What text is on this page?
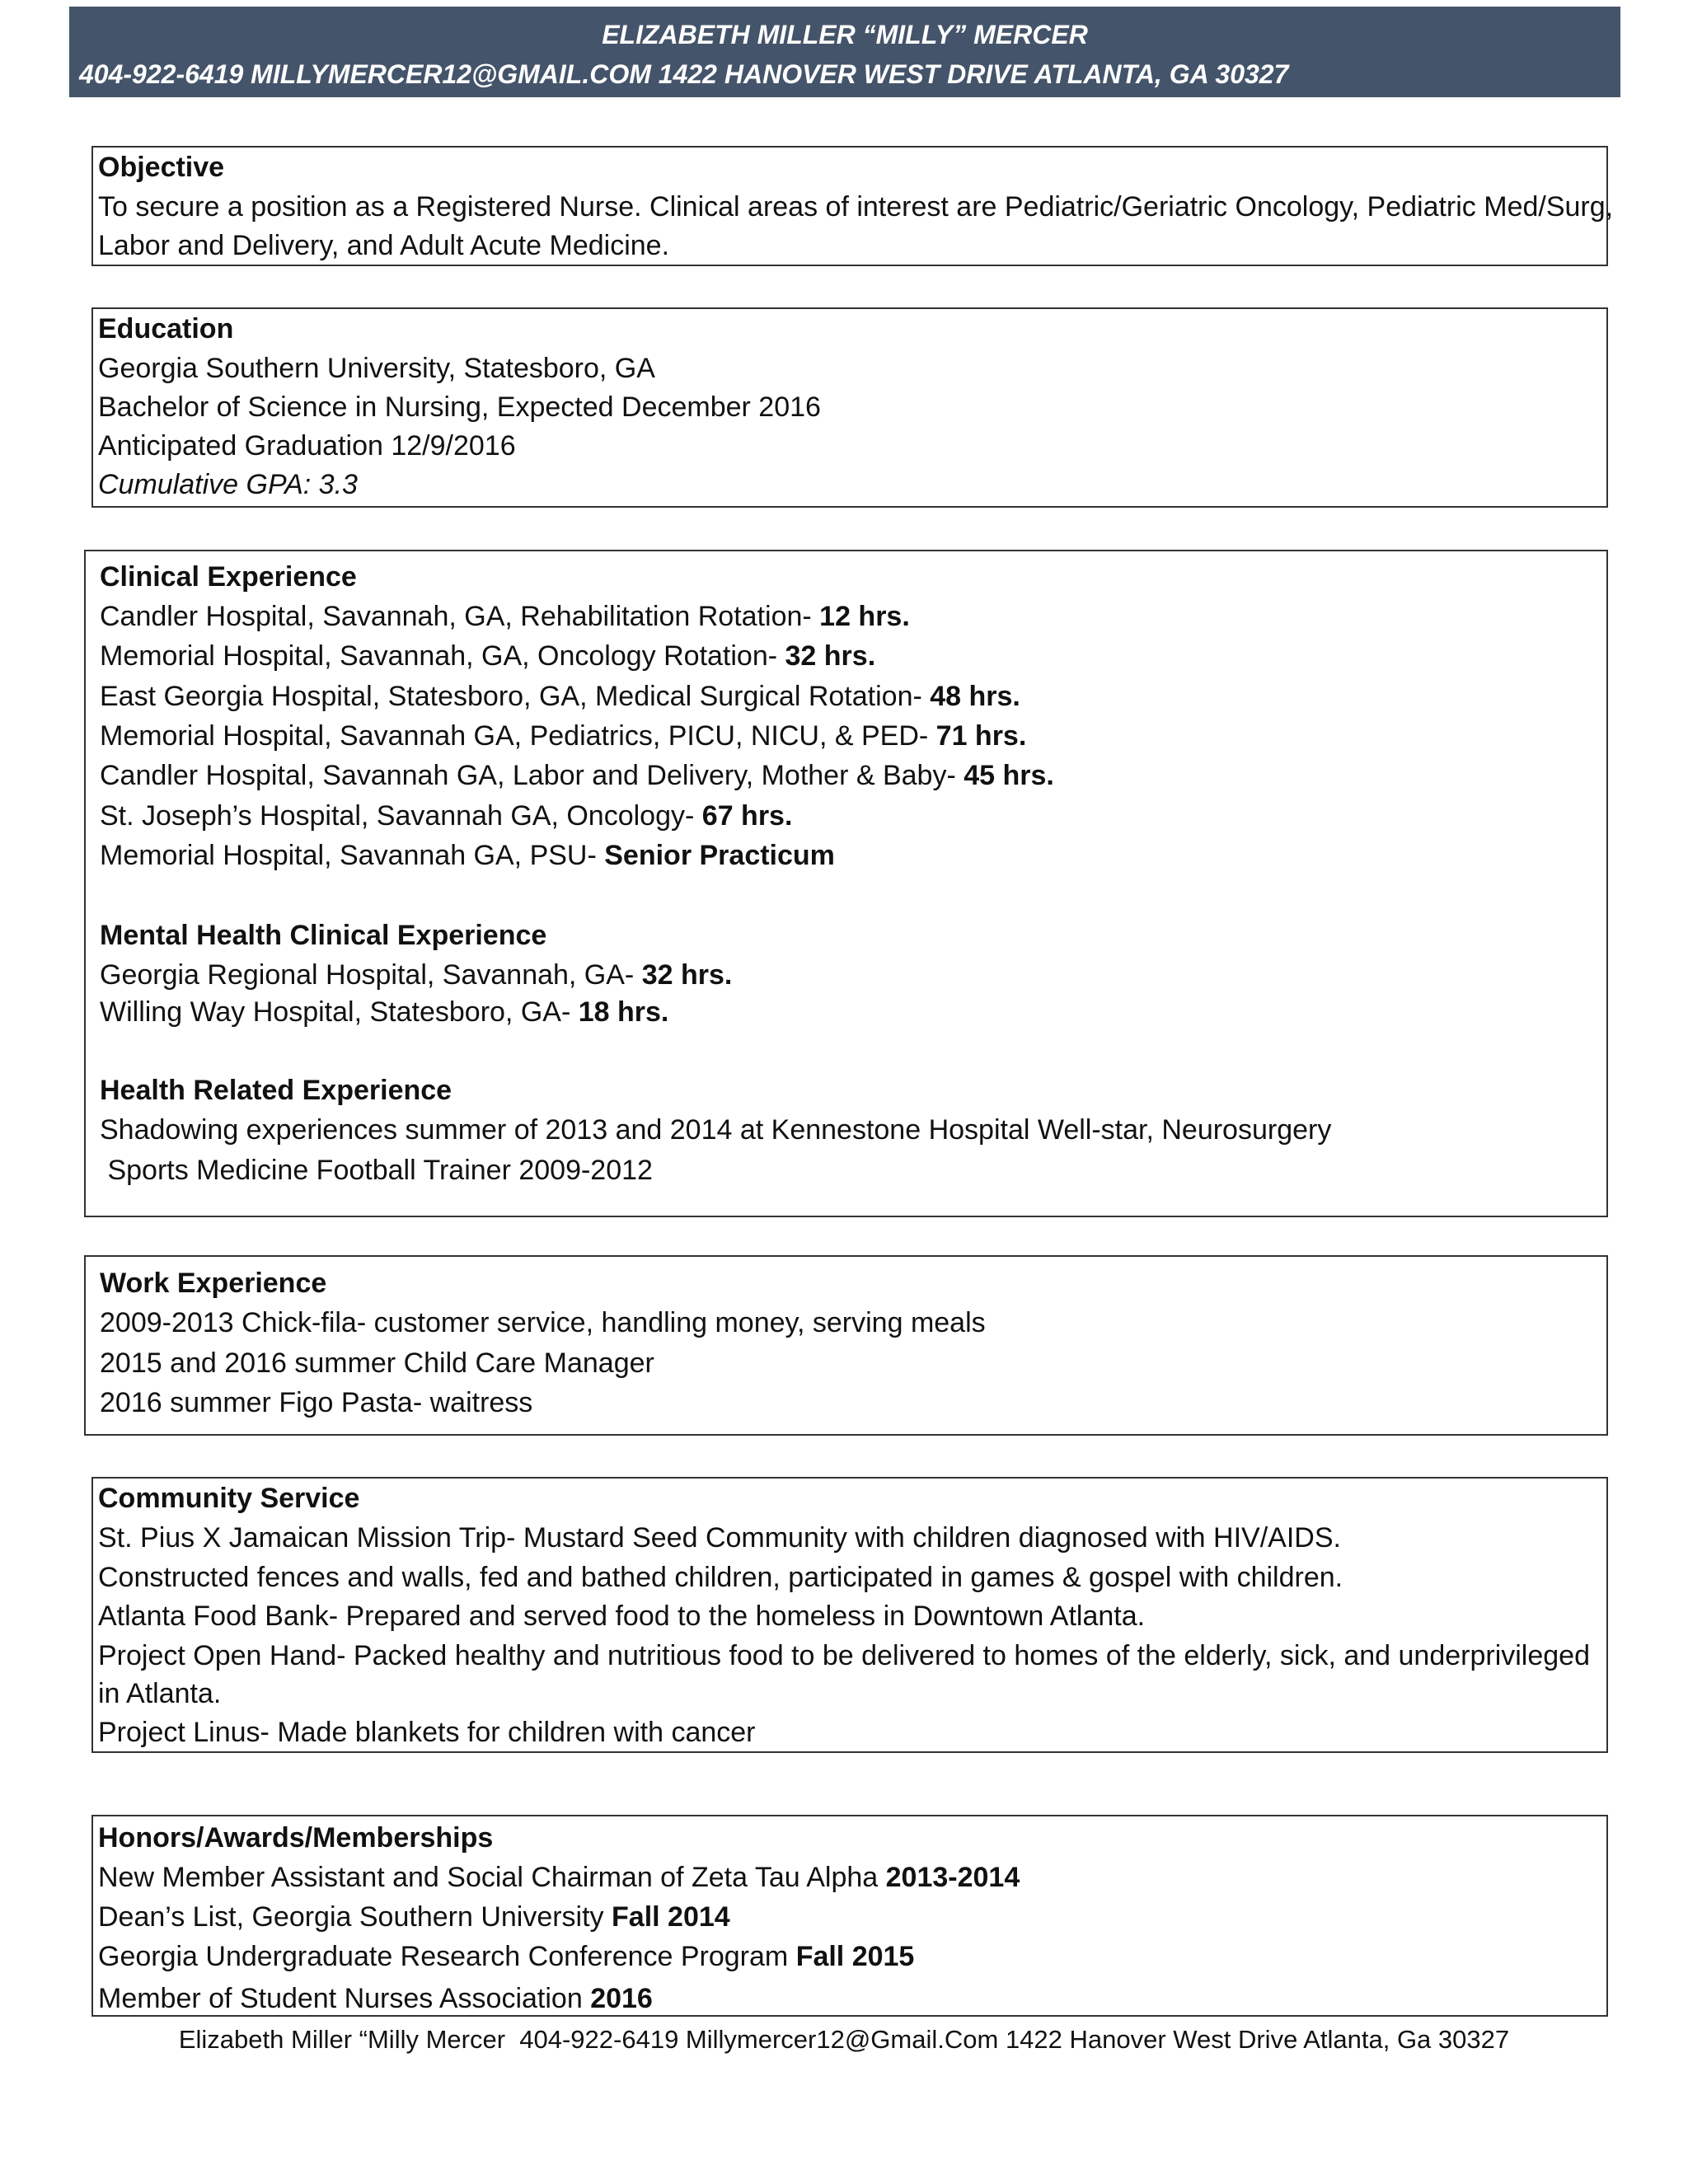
ELIZABETH MILLER “MILLY” MERCER
404-922-6419 MILLYMERCER12@GMAIL.COM 1422 HANOVER WEST DRIVE ATLANTA, GA 30327
Objective
To secure a position as a Registered Nurse. Clinical areas of interest are Pediatric/Geriatric Oncology, Pediatric Med/Surg,
Labor and Delivery, and Adult Acute Medicine.
Education
Georgia Southern University, Statesboro, GA
Bachelor of Science in Nursing, Expected December 2016
Anticipated Graduation 12/9/2016
Cumulative GPA: 3.3
Clinical Experience
Candler Hospital, Savannah, GA, Rehabilitation Rotation- 12 hrs.
Memorial Hospital, Savannah, GA, Oncology Rotation- 32 hrs.
East Georgia Hospital, Statesboro, GA, Medical Surgical Rotation- 48 hrs.
Memorial Hospital, Savannah GA, Pediatrics, PICU, NICU, & PED- 71 hrs.
Candler Hospital, Savannah GA, Labor and Delivery, Mother & Baby- 45 hrs.
St. Joseph’s Hospital, Savannah GA, Oncology- 67 hrs.
Memorial Hospital, Savannah GA, PSU- Senior Practicum
Mental Health Clinical Experience
Georgia Regional Hospital, Savannah, GA- 32 hrs.
Willing Way Hospital, Statesboro, GA- 18 hrs.
Health Related Experience
Shadowing experiences summer of 2013 and 2014 at Kennestone Hospital Well-star, Neurosurgery
Sports Medicine Football Trainer 2009-2012
Work Experience
2009-2013 Chick-fila- customer service, handling money, serving meals
2015 and 2016 summer Child Care Manager
2016 summer Figo Pasta- waitress
Community Service
St. Pius X Jamaican Mission Trip- Mustard Seed Community with children diagnosed with HIV/AIDS.
Constructed fences and walls, fed and bathed children, participated in games & gospel with children.
Atlanta Food Bank- Prepared and served food to the homeless in Downtown Atlanta.
Project Open Hand- Packed healthy and nutritious food to be delivered to homes of the elderly, sick, and underprivileged
in Atlanta.
Project Linus- Made blankets for children with cancer
Honors/Awards/Memberships
New Member Assistant and Social Chairman of Zeta Tau Alpha 2013-2014
Dean’s List, Georgia Southern University Fall 2014
Georgia Undergraduate Research Conference Program Fall 2015
Member of Student Nurses Association 2016
Elizabeth Miller “Milly Mercer  404-922-6419 Millymercer12@Gmail.Com 1422 Hanover West Drive Atlanta, Ga 30327
